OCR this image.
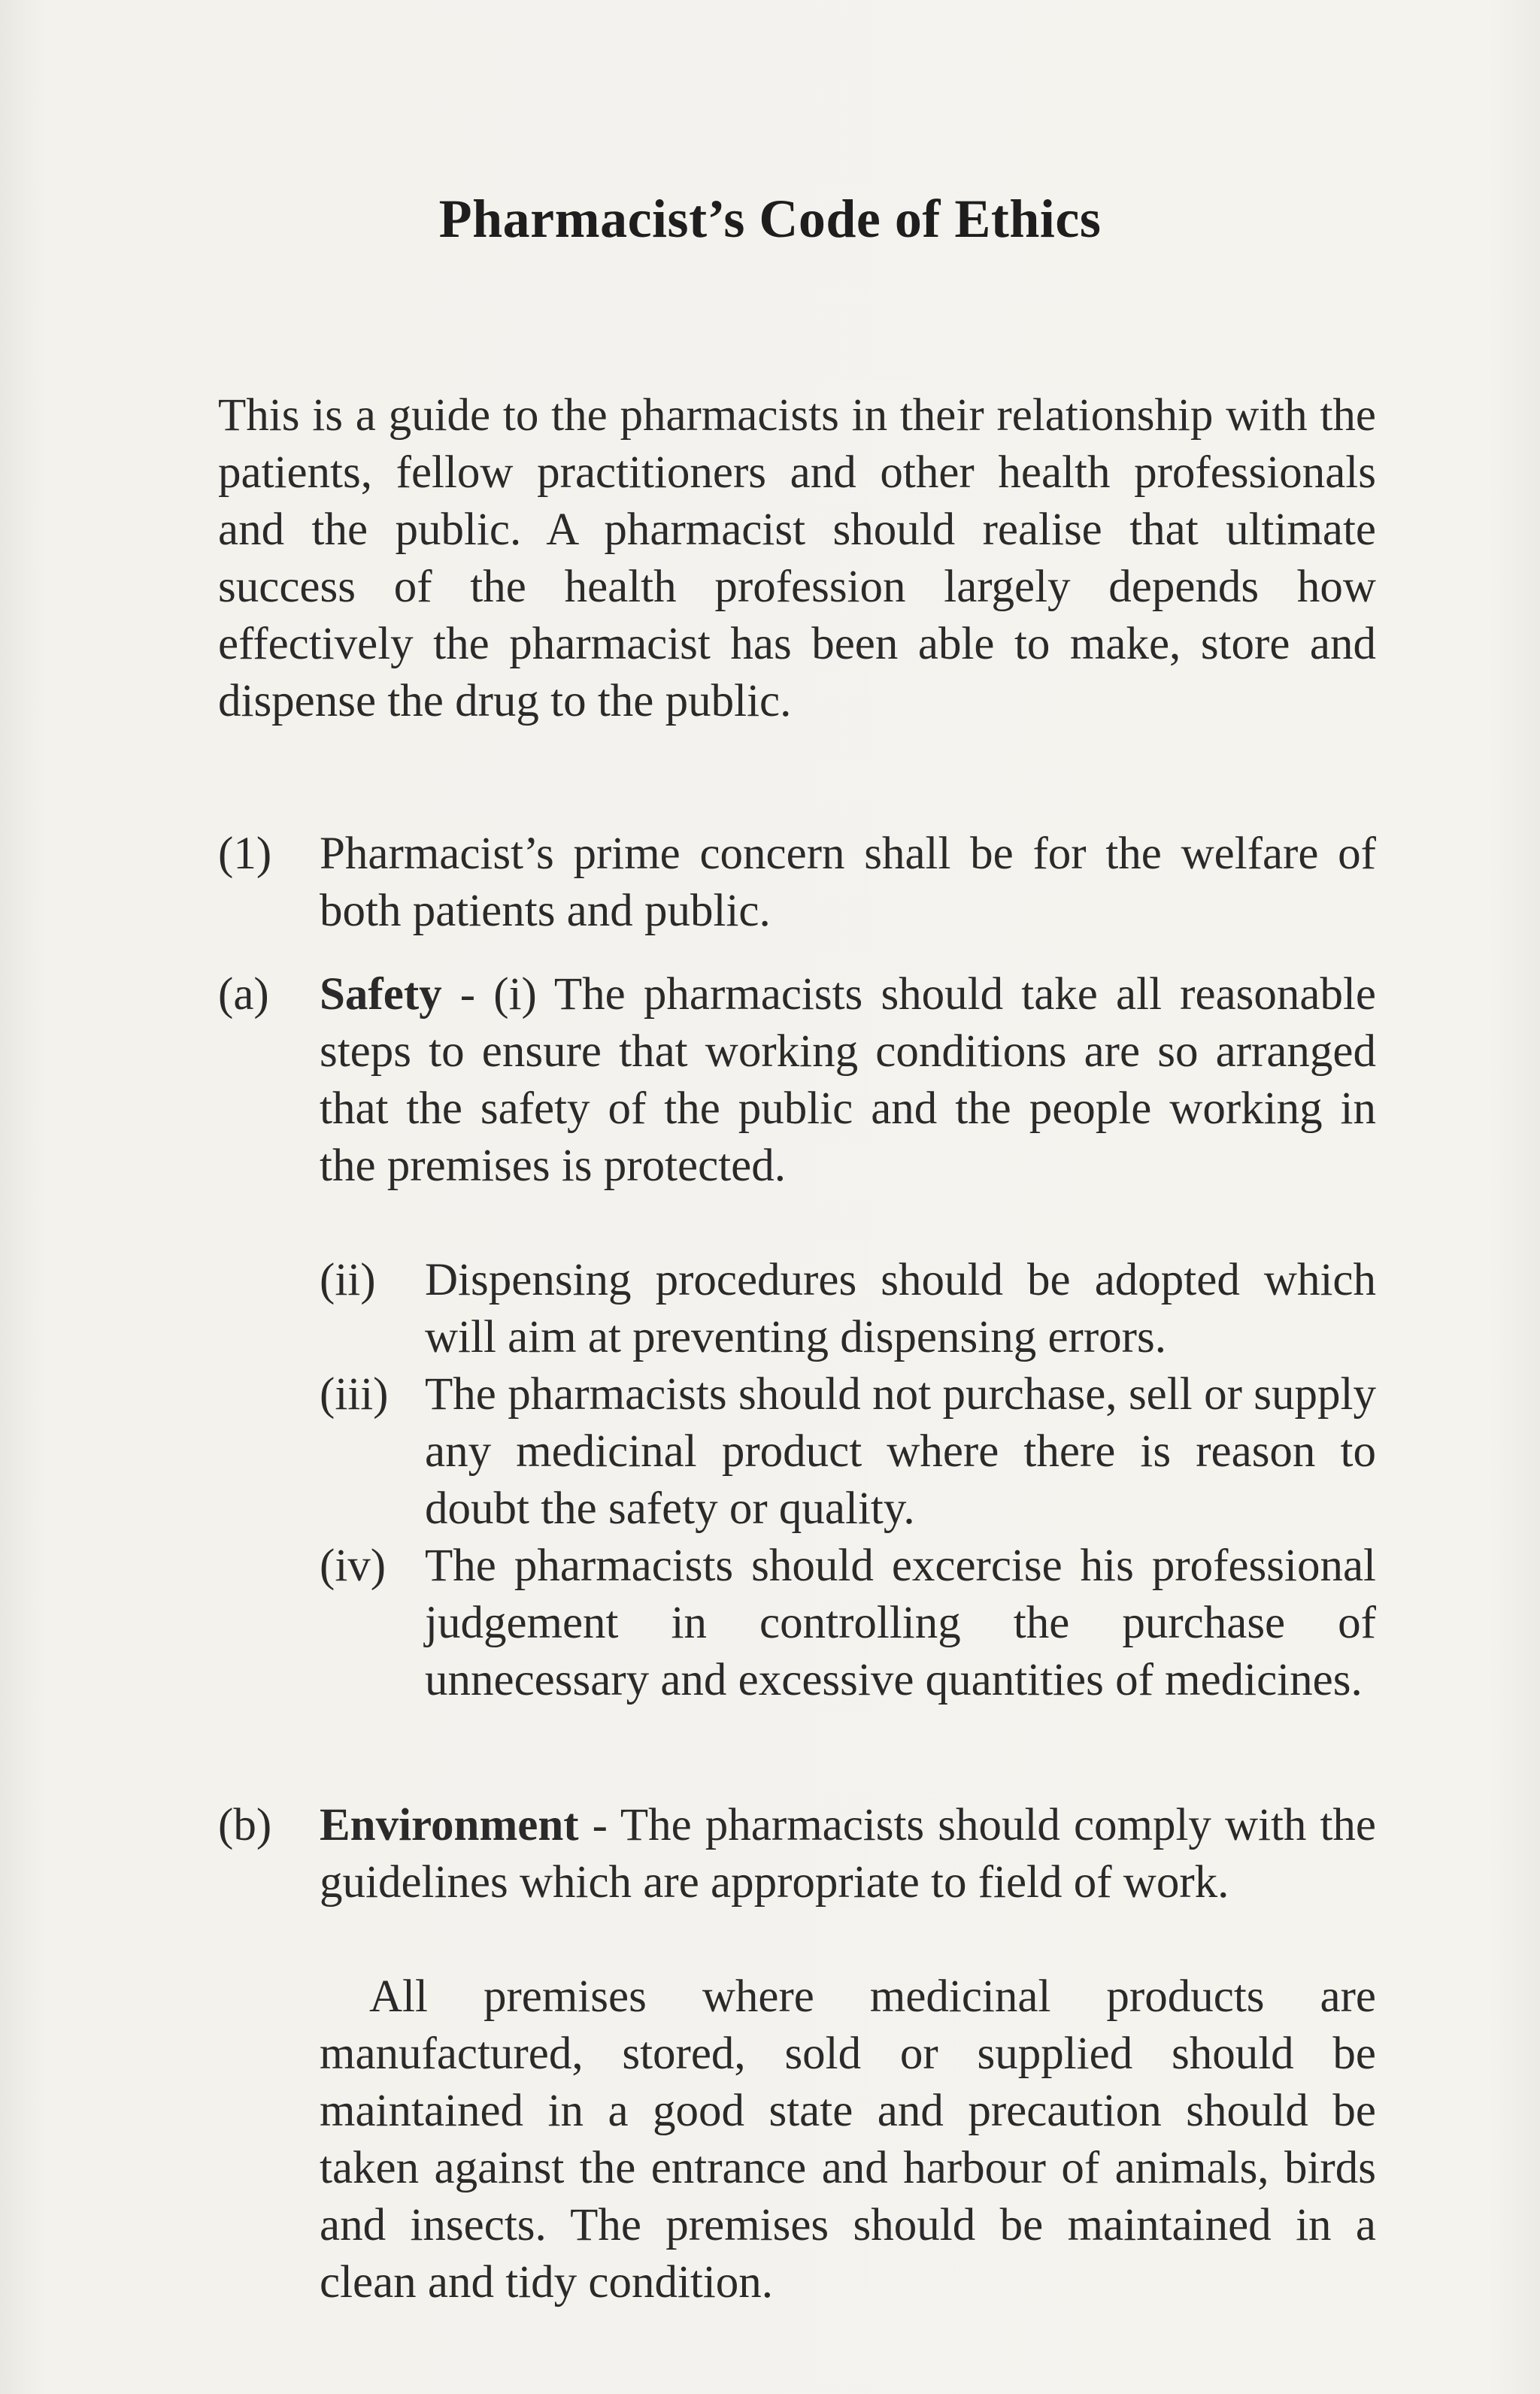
Pharmacist’s Code of Ethics
This is a guide to the pharmacists in their relationship with the patients, fellow practitioners and other health professionals and the public. A pharmacist should realise that ultimate success of the health profession largely depends how effectively the pharmacist has been able to make, store and dispense the drug to the public.
(1) Pharmacist’s prime concern shall be for the welfare of both patients and public.
(a) Safety - (i) The pharmacists should take all reasonable steps to ensure that working conditions are so arranged that the safety of the public and the people working in the premises is protected.
(ii) Dispensing procedures should be adopted which will aim at preventing dispensing errors.
(iii) The pharmacists should not purchase, sell or supply any medicinal product where there is reason to doubt the safety or quality.
(iv) The pharmacists should excercise his professional judgement in controlling the purchase of unnecessary and excessive quantities of medicines.
(b) Environment - The pharmacists should comply with the guidelines which are appropriate to field of work.
All premises where medicinal products are manufactured, stored, sold or supplied should be maintained in a good state and precaution should be taken against the entrance and harbour of animals, birds and insects. The premises should be maintained in a clean and tidy condition.
